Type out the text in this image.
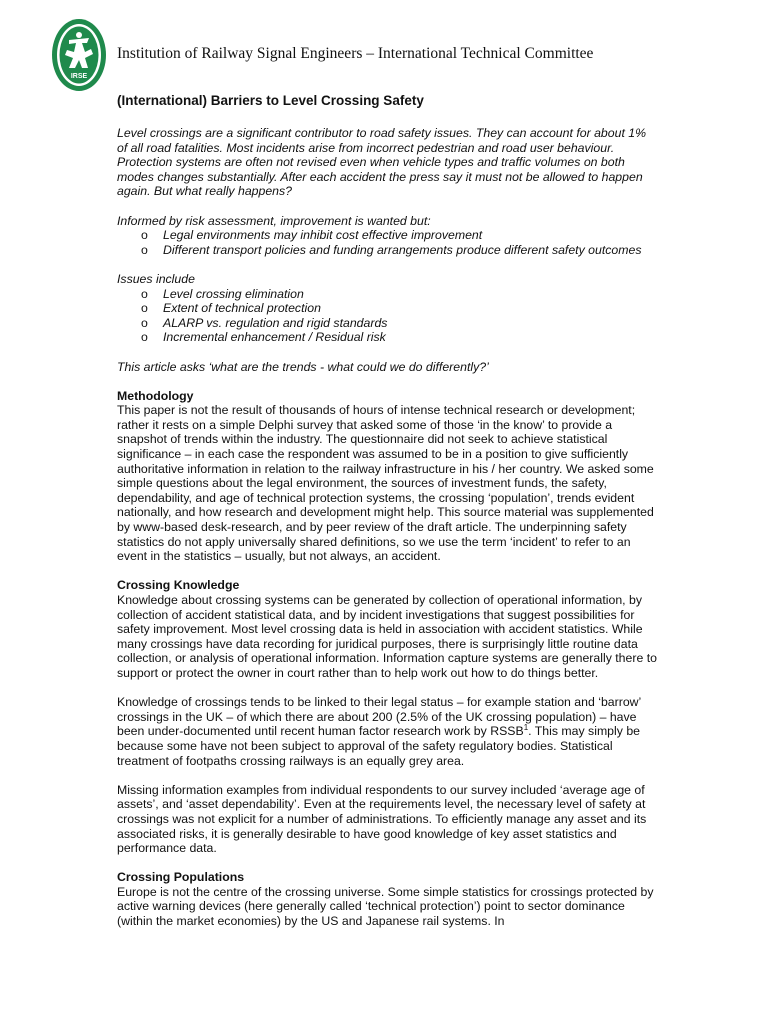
IRSE
Institution of Railway Signal Engineers – International Technical Committee
(International) Barriers to Level Crossing Safety

Level crossings are a significant contributor to road safety issues. They can account for about 1% of all road fatalities. Most incidents arise from incorrect pedestrian and road user behaviour. Protection systems are often not revised even when vehicle types and traffic volumes on both modes changes substantially. After each accident the press say it must not be allowed to happen again. But what really happens?

Informed by risk assessment, improvement is wanted but:
o Legal environments may inhibit cost effective improvement
o Different transport policies and funding arrangements produce different safety outcomes
Issues include
o Level crossing elimination
o Extent of technical protection
o ALARP vs. regulation and rigid standards
o Incremental enhancement / Residual risk

This article asks ‘what are the trends - what could we do differently?’

Methodology

This paper is not the result of thousands of hours of intense technical research or development; rather it rests on a simple Delphi survey that asked some of those ‘in the know’ to provide a snapshot of trends within the industry. The questionnaire did not seek to achieve statistical significance – in each case the respondent was assumed to be in a position to give sufficiently authoritative information in relation to the railway infrastructure in his / her country. We asked some simple questions about the legal environment, the sources of investment funds, the safety, dependability, and age of technical protection systems, the crossing ‘population’, trends evident nationally, and how research and development might help. This source material was supplemented by www-based desk-research, and by peer review of the draft article. The underpinning safety statistics do not apply universally shared definitions, so we use the term ‘incident’ to refer to an event in the statistics – usually, but not always, an accident.

Crossing Knowledge

Knowledge about crossing systems can be generated by collection of operational information, by collection of accident statistical data, and by incident investigations that suggest possibilities for safety improvement. Most level crossing data is held in association with accident statistics. While many crossings have data recording for juridical purposes, there is surprisingly little routine data collection, or analysis of operational information. Information capture systems are generally there to support or protect the owner in court rather than to help work out how to do things better.

Knowledge of crossings tends to be linked to their legal status – for example station and ‘barrow’ crossings in the UK – of which there are about 200 (2.5% of the UK crossing population) – have been under-documented until recent human factor research work by RSSB$^1$. This may simply be because some have not been subject to approval of the safety regulatory bodies. Statistical treatment of footpaths crossing railways is an equally grey area.

Missing information examples from individual respondents to our survey included ‘average age of assets’, and ‘asset dependability’. Even at the requirements level, the necessary level of safety at crossings was not explicit for a number of administrations. To efficiently manage any asset and its associated risks, it is generally desirable to have good knowledge of key asset statistics and performance data.

Crossing Populations

Europe is not the centre of the crossing universe. Some simple statistics for crossings protected by active warning devices (here generally called ‘technical protection’) point to sector dominance (within the market economies) by the US and Japanese rail systems. In
